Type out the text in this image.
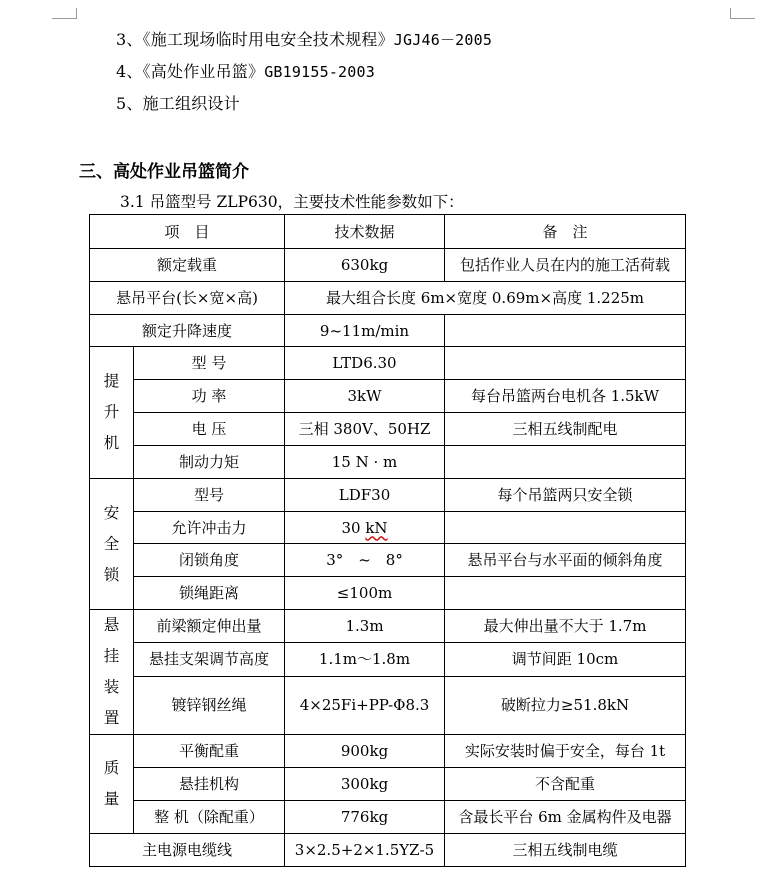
3、《施工现场临时用电安全技术规程》JGJ46－2005
4、《高处作业吊篮》GB19155-2003
5、施工组织设计
三、高处作业吊篮简介
3.1 吊篮型号 ZLP630，主要技术性能参数如下：
项　目		技术数据	备　注
额定载重		630kg	包括作业人员在内的施工活荷载
悬吊平台(长×宽×高)		最大组合长度 6m×宽度 0.69m×高度 1.225m	
额定升降速度		9~11m/min	
提
升
机	型 号	LTD6.30	
	功 率	3kW	每台吊篮两台电机各 1.5kW
	电 压	三相 380V、50HZ	三相五线制配电
	制动力矩	15 N · m	
安
全
锁	型号	LDF30	每个吊篮两只安全锁
	允许冲击力	30 kN	
	闭锁角度	3°　~　8°	悬吊平台与水平面的倾斜角度
	锁绳距离	≤100m	
悬
挂
装
置	前梁额定伸出量	1.3m	最大伸出量不大于 1.7m
	悬挂支架调节高度	1.1m～1.8m	调节间距 10cm
	镀锌钢丝绳	4×25Fi+PP-Φ8.3	破断拉力≥51.8kN
质
量	平衡配重	900kg	实际安装时偏于安全，每台 1t
	悬挂机构	300kg	不含配重
	整 机（除配重）	776kg	含最长平台 6m 金属构件及电器
主电源电缆线		3×2.5+2×1.5YZ-5	三相五线制电缆
